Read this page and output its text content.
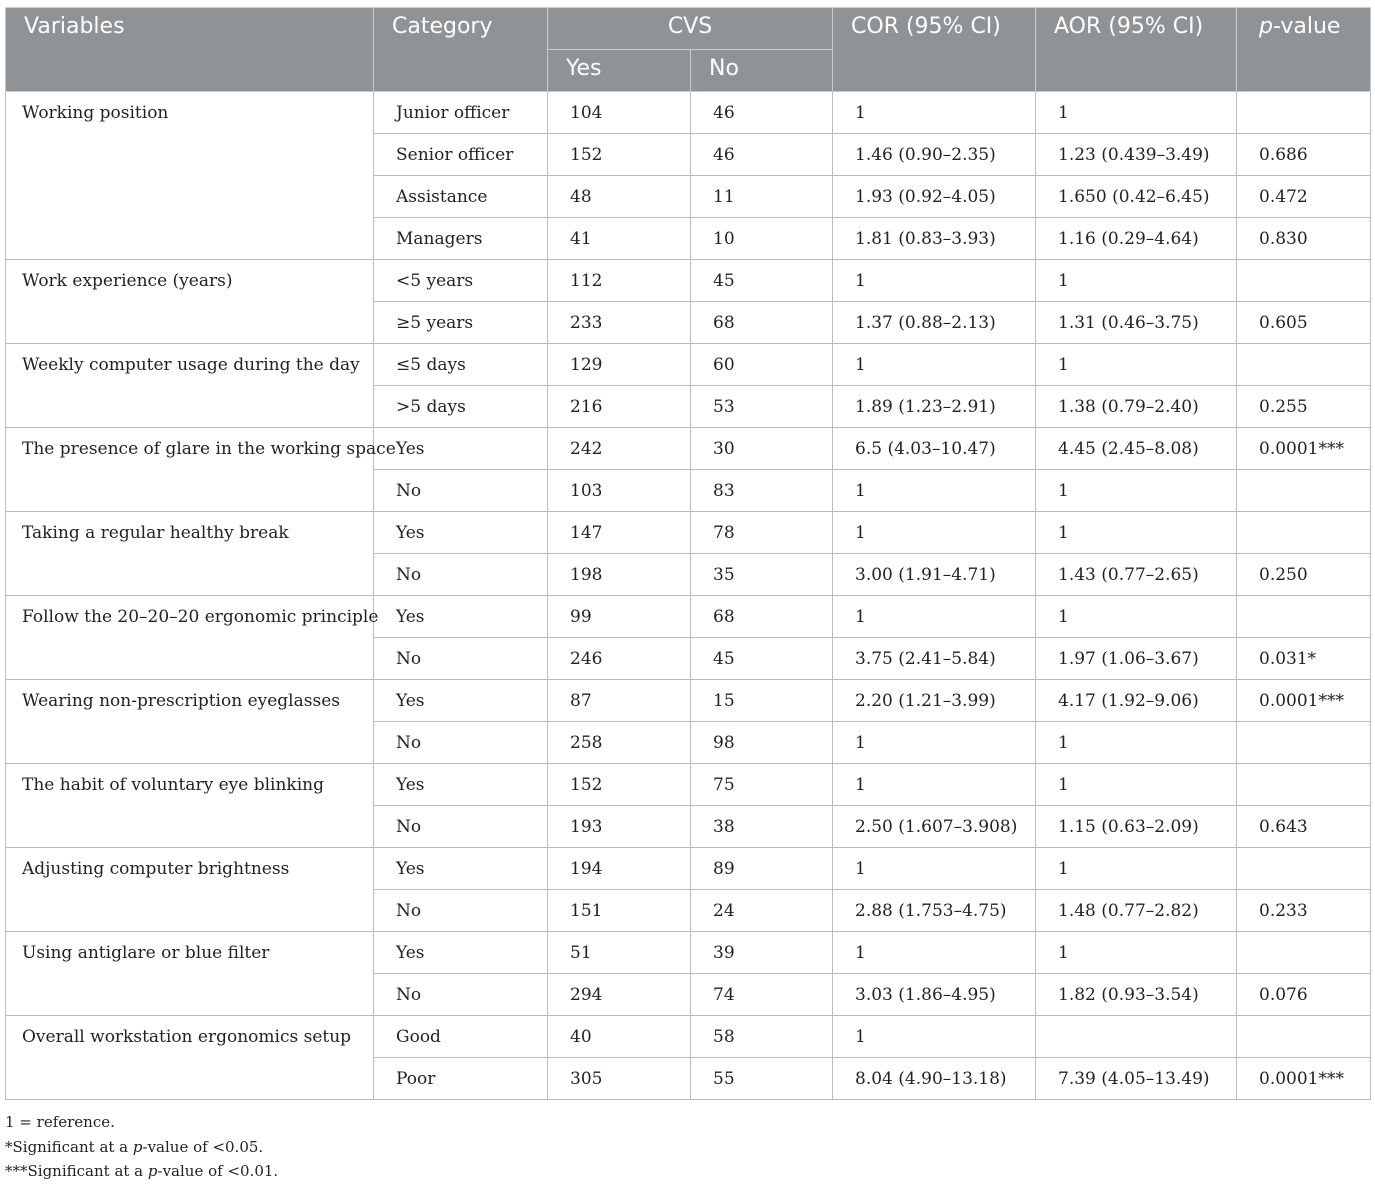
Variables	Category	CVS		COR (95% CI)	AOR (95% CI)	p-value
		Yes	No			
Working position	Junior officer	104	46	1	1	
	Senior officer	152	46	1.46 (0.90–2.35)	1.23 (0.439–3.49)	0.686
	Assistance	48	11	1.93 (0.92–4.05)	1.650 (0.42–6.45)	0.472
	Managers	41	10	1.81 (0.83–3.93)	1.16 (0.29–4.64)	0.830
Work experience (years)	<5 years	112	45	1	1	
	≥5 years	233	68	1.37 (0.88–2.13)	1.31 (0.46–3.75)	0.605
Weekly computer usage during the day	≤5 days	129	60	1	1	
	>5 days	216	53	1.89 (1.23–2.91)	1.38 (0.79–2.40)	0.255
The presence of glare in the working space	Yes	242	30	6.5 (4.03–10.47)	4.45 (2.45–8.08)	0.0001***
	No	103	83	1	1	
Taking a regular healthy break	Yes	147	78	1	1	
	No	198	35	3.00 (1.91–4.71)	1.43 (0.77–2.65)	0.250
Follow the 20–20–20 ergonomic principle	Yes	99	68	1	1	
	No	246	45	3.75 (2.41–5.84)	1.97 (1.06–3.67)	0.031*
Wearing non-prescription eyeglasses	Yes	87	15	2.20 (1.21–3.99)	4.17 (1.92–9.06)	0.0001***
	No	258	98	1	1	
The habit of voluntary eye blinking	Yes	152	75	1	1	
	No	193	38	2.50 (1.607–3.908)	1.15 (0.63–2.09)	0.643
Adjusting computer brightness	Yes	194	89	1	1	
	No	151	24	2.88 (1.753–4.75)	1.48 (0.77–2.82)	0.233
Using antiglare or blue filter	Yes	51	39	1	1	
	No	294	74	3.03 (1.86–4.95)	1.82 (0.93–3.54)	0.076
Overall workstation ergonomics setup	Good	40	58	1		
	Poor	305	55	8.04 (4.90–13.18)	7.39 (4.05–13.49)	0.0001***
1 = reference.
*Significant at a p-value of <0.05.
***Significant at a p-value of <0.01.
